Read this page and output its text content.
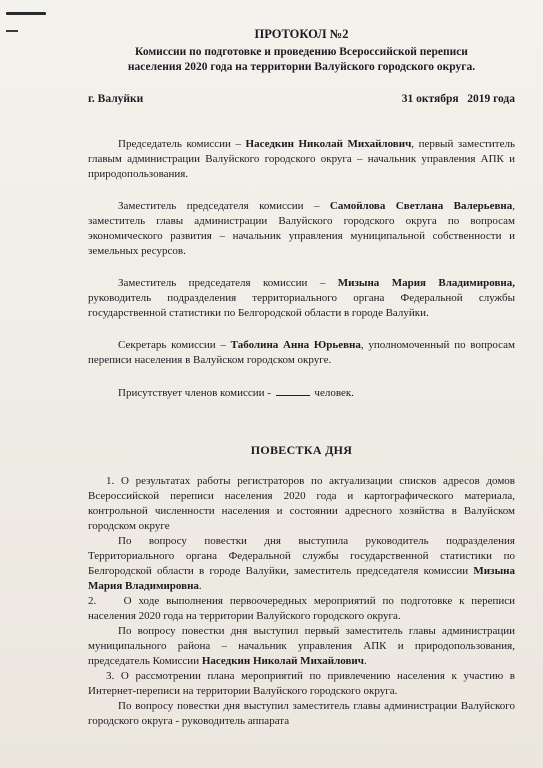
ПРОТОКОЛ №2
Комиссии по подготовке и проведению Всероссийской переписи
населения 2020 года на территории Валуйского городского округа.
г. Валуйки	31 октября   2019 года

Председатель комиссии – Наседкин Николай Михайлович, первый заместитель главым администрации Валуйского городского округа – начальник управления АПК и природопользования.

Заместитель председателя комиссии – Самойлова Светлана Валерьевна, заместитель главы администрации Валуйского городского округа по вопросам экономического развития – начальник управления муниципальной собственности и земельных ресурсов.

Заместитель председателя комиссии – Мизына Мария Владимировна, руководитель подразделения территориального органа Федеральной службы государственной статистики по Белгородской области в городе Валуйки.

Секретарь комиссии – Таболина Анна Юрьевна, уполномоченный по вопросам переписи населения в Валуйском городском округе.

Присутствует членов комиссии -	человек.

ПОВЕСТКА ДНЯ

1. О результатах работы регистраторов по актуализации списков адресов домов Всероссийской переписи населения 2020 года и картографического материала, контрольной численности населения и состоянии адресного хозяйства в Валуйском городском округе

По вопросу повестки дня выступила руководитель подразделения Территориального органа Федеральной службы государственной статистики по Белгородской области в городе Валуйки, заместитель председателя комиссии Мизына Мария Владимировна.

2.    О ходе выполнения первоочередных мероприятий по подготовке к переписи населения 2020 года на территории Валуйского городского округа.

По вопросу повестки дня выступил первый заместитель главы администрации муниципального района – начальник управления АПК и природопользования,          председатель Комиссии Наседкин Николай Михайлович.

3. О рассмотрении плана мероприятий по привлечению населения к участию в Интернет-переписи на территории Валуйского городского округа.

По вопросу повестки дня выступил заместитель главы администрации Валуйского городского округа - руководитель аппарата
